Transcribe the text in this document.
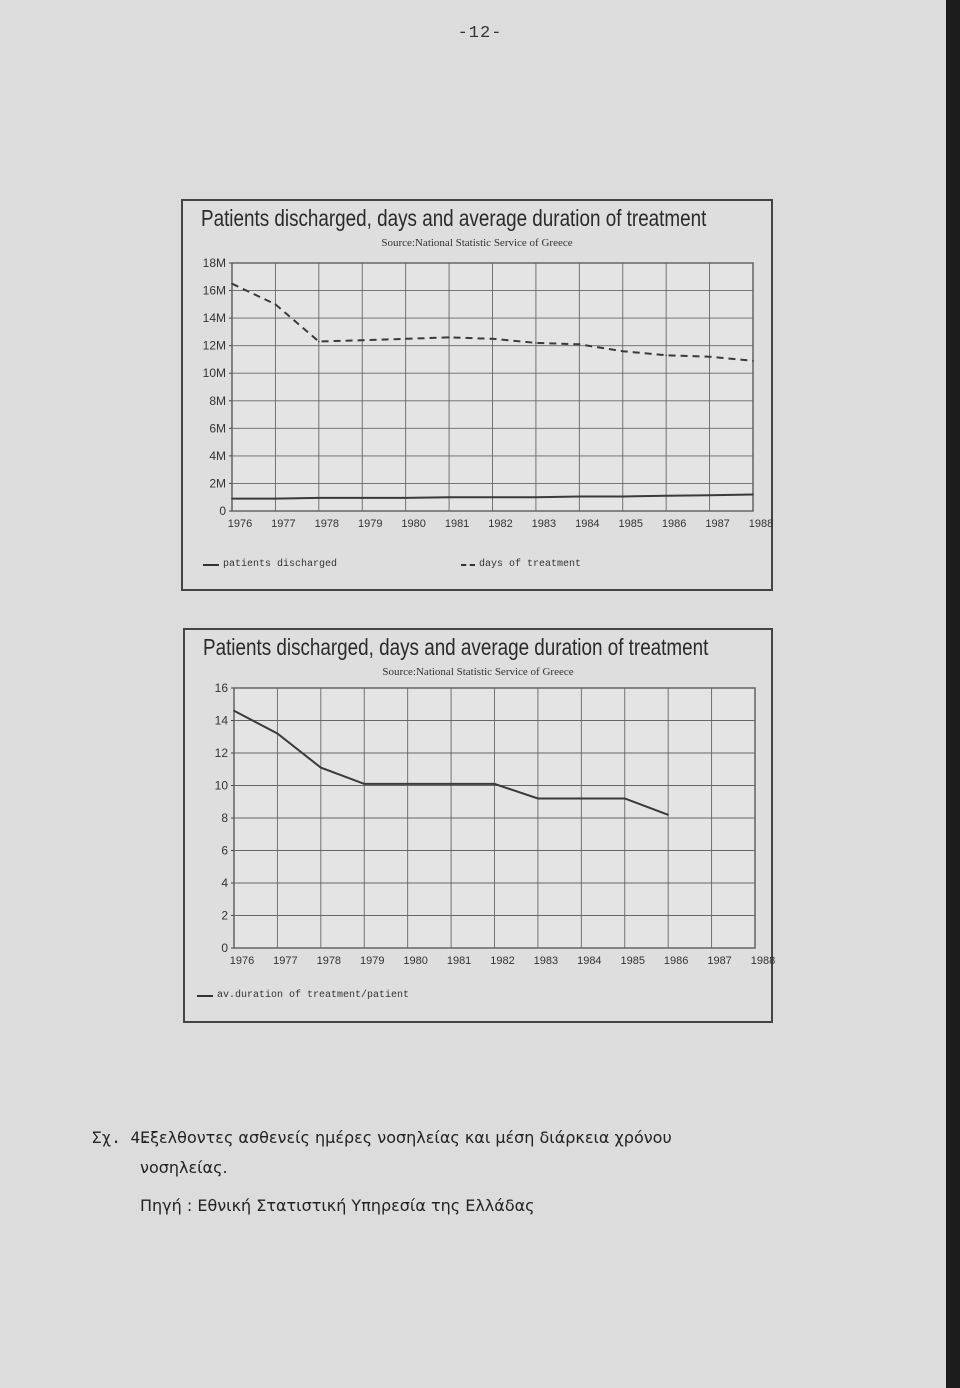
-12-
Patients discharged, days and average duration of treatment
Source:National Statistic Service of Greece
0
2M
4M
6M
8M
10M
12M
14M
16M
18M
1976 1977 1978 1979 1980 1981 1982 1983 1984 1985 1986 1987 1988
patients discharged	days of treatment
Patients discharged, days and average duration of treatment
Source:National Statistic Service of Greece
0
2
4
6
8
10
12
14
16
1976 1977 1978 1979 1980 1981 1982 1983 1984 1985 1986 1987 1988
av.duration of treatment/patient
Σχ. 4.
Εξελθοντες ασθενείς ημέρες νοσηλείας και μέση διάρκεια χρόνου
νοσηλείας.
Πηγή : Εθνική Στατιστική Υπηρεσία της Ελλάδας
